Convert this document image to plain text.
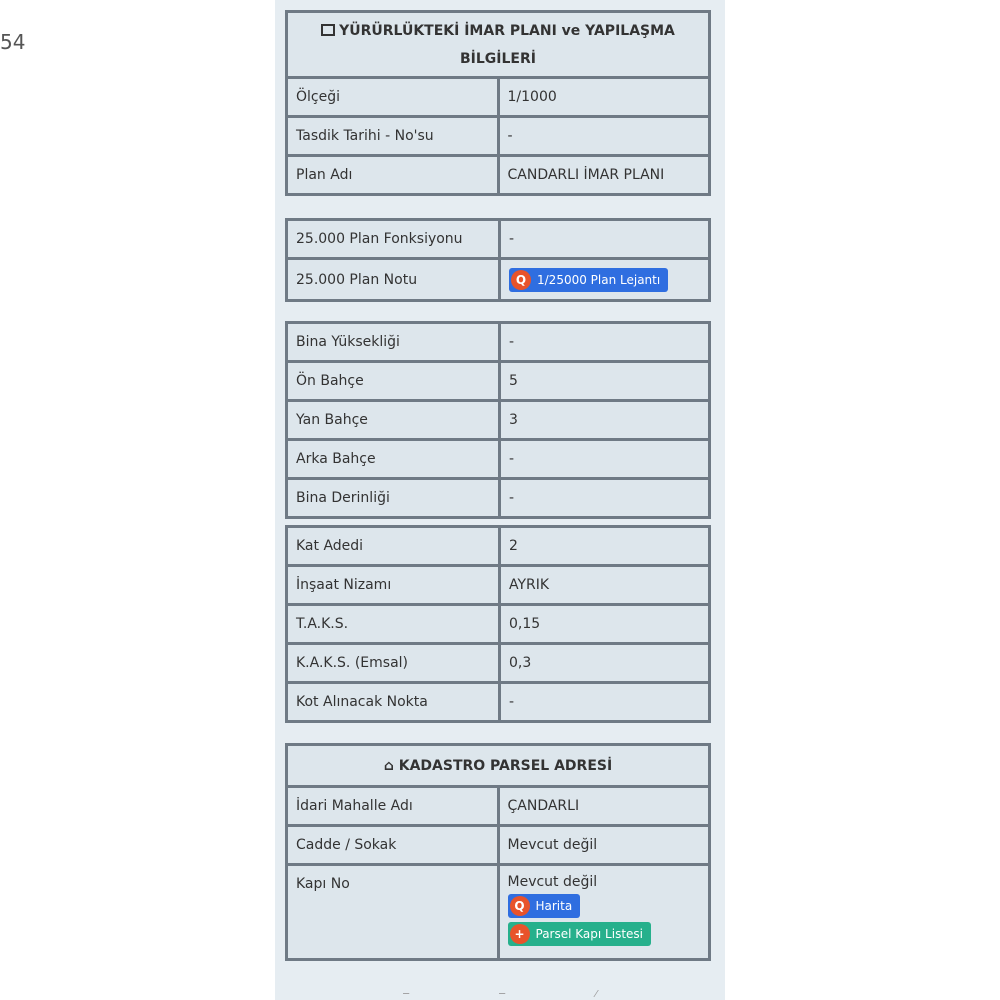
54	YÜRÜRLÜKTEKİ İMAR PLANI ve YAPILAŞMA BİLGİLERİ	
Ölçeği	1/1000
Tasdik Tarihi - No'su	-
Plan Adı	CANDARLI İMAR PLANI
25.000 Plan Fonksiyonu	-
25.000 Plan Notu	Q 1/25000 Plan Lejantı
Bina Yüksekliği	-
Ön Bahçe	5
Yan Bahçe	3
Arka Bahçe	-
Bina Derinliği	-
Kat Adedi	2
İnşaat Nizamı	AYRIK
T.A.K.S.	0,15
K.A.K.S. (Emsal)	0,3
Kot Alınacak Nokta	-
⌂ KADASTRO PARSEL ADRESİ	
İdari Mahalle Adı	ÇANDARLI
Cadde / Sokak	Mevcut değil
Kapı No	Mevcut değil
Q Harita
+ Parsel Kapı Listesi
─	─	⁄
